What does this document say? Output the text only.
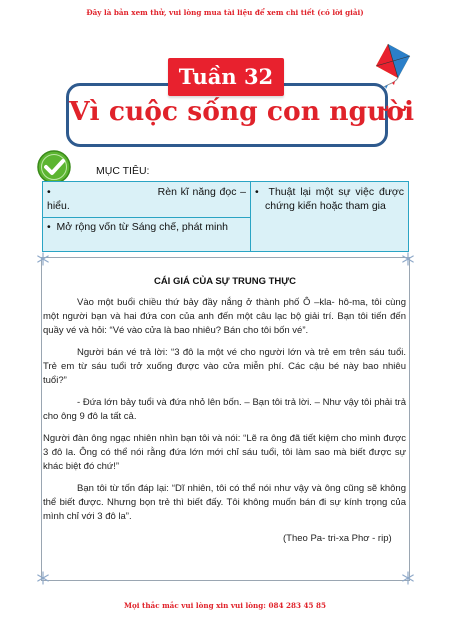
Đây là bản xem thử, vui lòng mua tài liệu để xem chi tiết (có lời giải)
Vì cuộc sống con người
Tuần 32
MỤC TIÊU:
•                             Rèn kĩ năng đọc – hiểu.
•  Mở rộng vốn từ Sáng chế, phát minh
•  Thuật lại một sự việc được chứng kiến hoặc tham gia
CÁI GIÁ CỦA SỰ TRUNG THỰC

Vào một buổi chiều thứ bảy đầy nắng ở thành phố Ô –kla- hô-ma, tôi cùng một người bạn và hai đứa con của anh đến một câu lạc bộ giải trí. Bạn tôi tiến đến quầy vé và hỏi: “Vé vào cửa là bao nhiêu? Bán cho tôi bốn vé”.

Người bán vé trả lời: “3 đô la một vé cho người lớn và trẻ em trên sáu tuổi. Trẻ em từ sáu tuổi trở xuống được vào cửa miễn phí. Các cậu bé này bao nhiêu tuổi?”

- Đứa lớn bảy tuổi và đứa nhỏ lên bốn. – Bạn tôi trả lời. – Như vậy tôi phải trả cho ông 9 đô la tất cả.

Người đàn ông ngạc nhiên nhìn bạn tôi và nói: “Lẽ ra ông đã tiết kiệm cho mình được 3 đô la. Ông có thể nói rằng đứa lớn mới chỉ sáu tuổi, tôi làm sao mà biết được sự khác biệt đó chứ!”

Bạn tôi từ tốn đáp lại: “Dĩ nhiên, tôi có thể nói như vậy và ông cũng sẽ không thể biết được. Nhưng bọn trẻ thì biết đấy. Tôi không muốn bán đi sự kính trọng của mình chỉ với 3 đô la”.

(Theo Pa- tri-xa Phơ - rip)
Mọi thắc mắc vui lòng xin vui lòng: 084 283 45 85
